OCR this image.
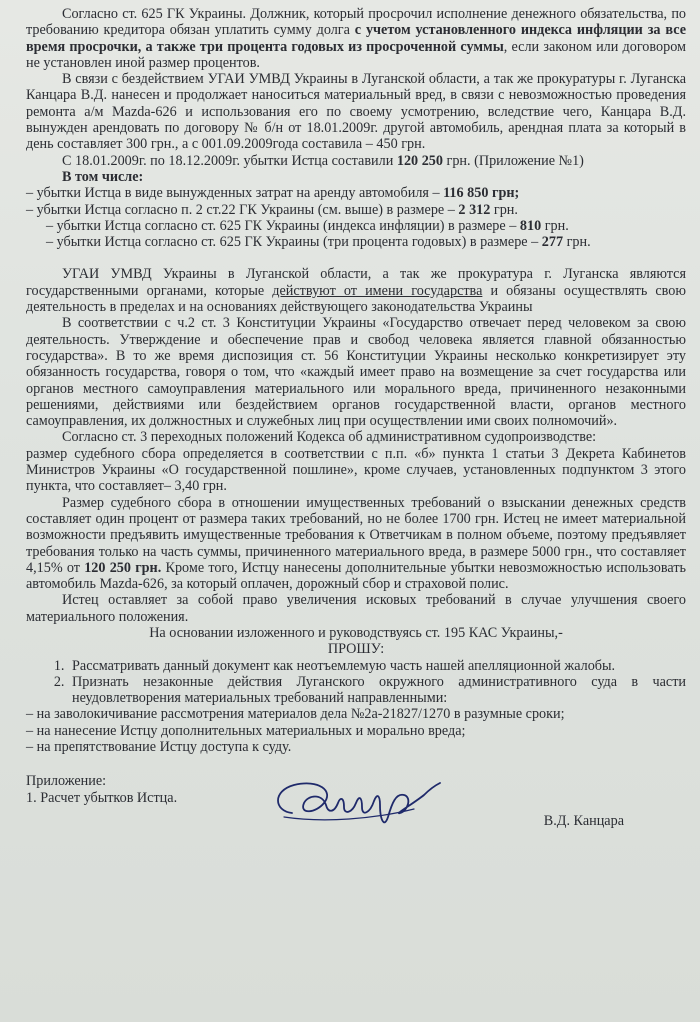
Согласно ст. 625 ГК Украины. Должник, который просрочил исполнение денежного обязательства, по требованию кредитора обязан уплатить сумму долга с учетом установленного индекса инфляции за все время просрочки, а также три процента годовых из просроченной суммы, если законом или договором не установлен иной размер процентов.

В связи с бездействием УГАИ УМВД Украины в Луганской области, а так же прокуратуры г. Луганска Канцара В.Д. нанесен и продолжает наноситься материальный вред, в связи с невозможностью проведения ремонта а/м Mazda-626 и использования его по своему усмотрению, вследствие чего, Канцара В.Д. вынужден арендовать по договору № б/н от 18.01.2009г. другой автомобиль, арендная плата за который в день составляет 300 грн., а с 001.09.2009года составила – 450 грн.

С 18.01.2009г. по 18.12.2009г. убытки Истца составили 120 250 грн. (Приложение №1)

В том числе:

– убытки Истца в виде вынужденных затрат на аренду автомобиля – 116 850 грн;

– убытки Истца согласно п. 2 ст.22 ГК Украины (см. выше) в размере – 2 312 грн.

– убытки Истца согласно ст. 625 ГК Украины (индекса инфляции) в размере – 810 грн.

– убытки Истца согласно ст. 625 ГК Украины (три процента годовых) в размере – 277 грн.

УГАИ УМВД Украины в Луганской области, а так же прокуратура г. Луганска являются государственными органами, которые действуют от имени государства и обязаны осуществлять свою деятельность в пределах и на основаниях действующего законодательства Украины

В соответствии с ч.2 ст. 3 Конституции Украины «Государство отвечает перед человеком за свою деятельность. Утверждение и обеспечение прав и свобод человека является главной обязанностью государства». В то же время диспозиция ст. 56 Конституции Украины несколько конкретизирует эту обязанность государства, говоря о том, что «каждый имеет право на возмещение за счет государства или органов местного самоуправления материального или морального вреда, причиненного незаконными решениями, действиями или бездействием органов государственной власти, органов местного самоуправления, их должностных и служебных лиц при осуществлении ими своих полномочий».

Согласно ст. 3 переходных положений Кодекса об административном судопроизводстве:

размер судебного сбора определяется в соответствии с п.п. «б» пункта 1 статьи 3 Декрета Кабинетов Министров Украины «О государственной пошлине», кроме случаев, установленных подпунктом 3 этого пункта, что составляет– 3,40 грн.

Размер судебного сбора в отношении имущественных требований о взыскании денежных средств составляет один процент от размера таких требований, но не более 1700 грн. Истец не имеет материальной возможности предъявить имущественные требования к Ответчикам в полном объеме, поэтому предъявляет требования только на часть суммы, причиненного материального вреда, в размере 5000 грн., что составляет 4,15% от 120 250 грн. Кроме того, Истцу нанесены дополнительные убытки невозможностью использовать автомобиль Mazda-626, за который оплачен, дорожный сбор и страховой полис.

Истец оставляет за собой право увеличения исковых требований в случае улучшения своего материального положения.

На основании изложенного и руководствуясь ст. 195 КАС Украины,-

ПРОШУ:

1. Рассматривать данный документ как неотъемлемую часть нашей апелляционной жалобы.
2. Признать незаконные действия Луганского окружного административного суда в части неудовлетворения материальных требований направленными:

– на заволокичивание рассмотрения материалов дела №2а-21827/1270 в разумные сроки;

– на нанесение Истцу дополнительных материальных и морально вреда;

– на препятствование Истцу доступа к суду.

Приложение:

1. Расчет убытков Истца.

В.Д. Канцара
